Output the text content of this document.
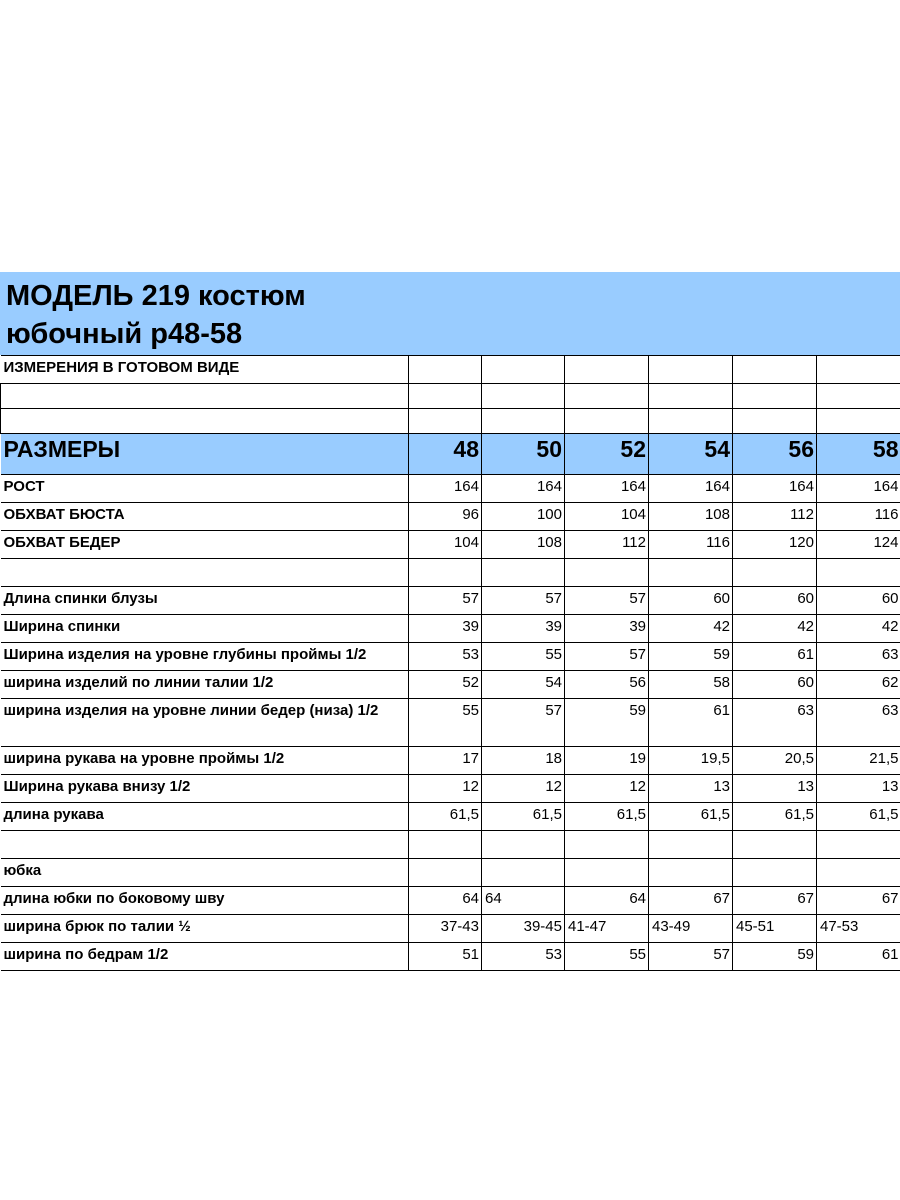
МОДЕЛЬ 219 костюм
юбочный р48-58
ИЗМЕРЕНИЯ В ГОТОВОМ ВИДЕ						

РАЗМЕРЫ	48	50	52	54	56	58
РОСТ	164	164	164	164	164	164
ОБХВАТ БЮСТА	96	100	104	108	112	116
ОБХВАТ БЕДЕР	104	108	112	116	120	124

Длина спинки блузы	57	57	57	60	60	60
Ширина спинки	39	39	39	42	42	42
Ширина изделия на уровне глубины проймы 1/2	53	55	57	59	61	63
ширина изделий по линии талии 1/2	52	54	56	58	60	62
ширина изделия на уровне линии бедер (низа) 1/2	55	57	59	61	63	63
ширина рукава на уровне проймы 1/2	17	18	19	19,5	20,5	21,5
Ширина рукава внизу 1/2	12	12	12	13	13	13
длина рукава	61,5	61,5	61,5	61,5	61,5	61,5

юбка						
длина юбки по боковому шву	64	64	64	67	67	67
ширина брюк по талии ½	37-43	39-45	41-47	43-49	45-51	47-53
ширина по бедрам 1/2	51	53	55	57	59	61
